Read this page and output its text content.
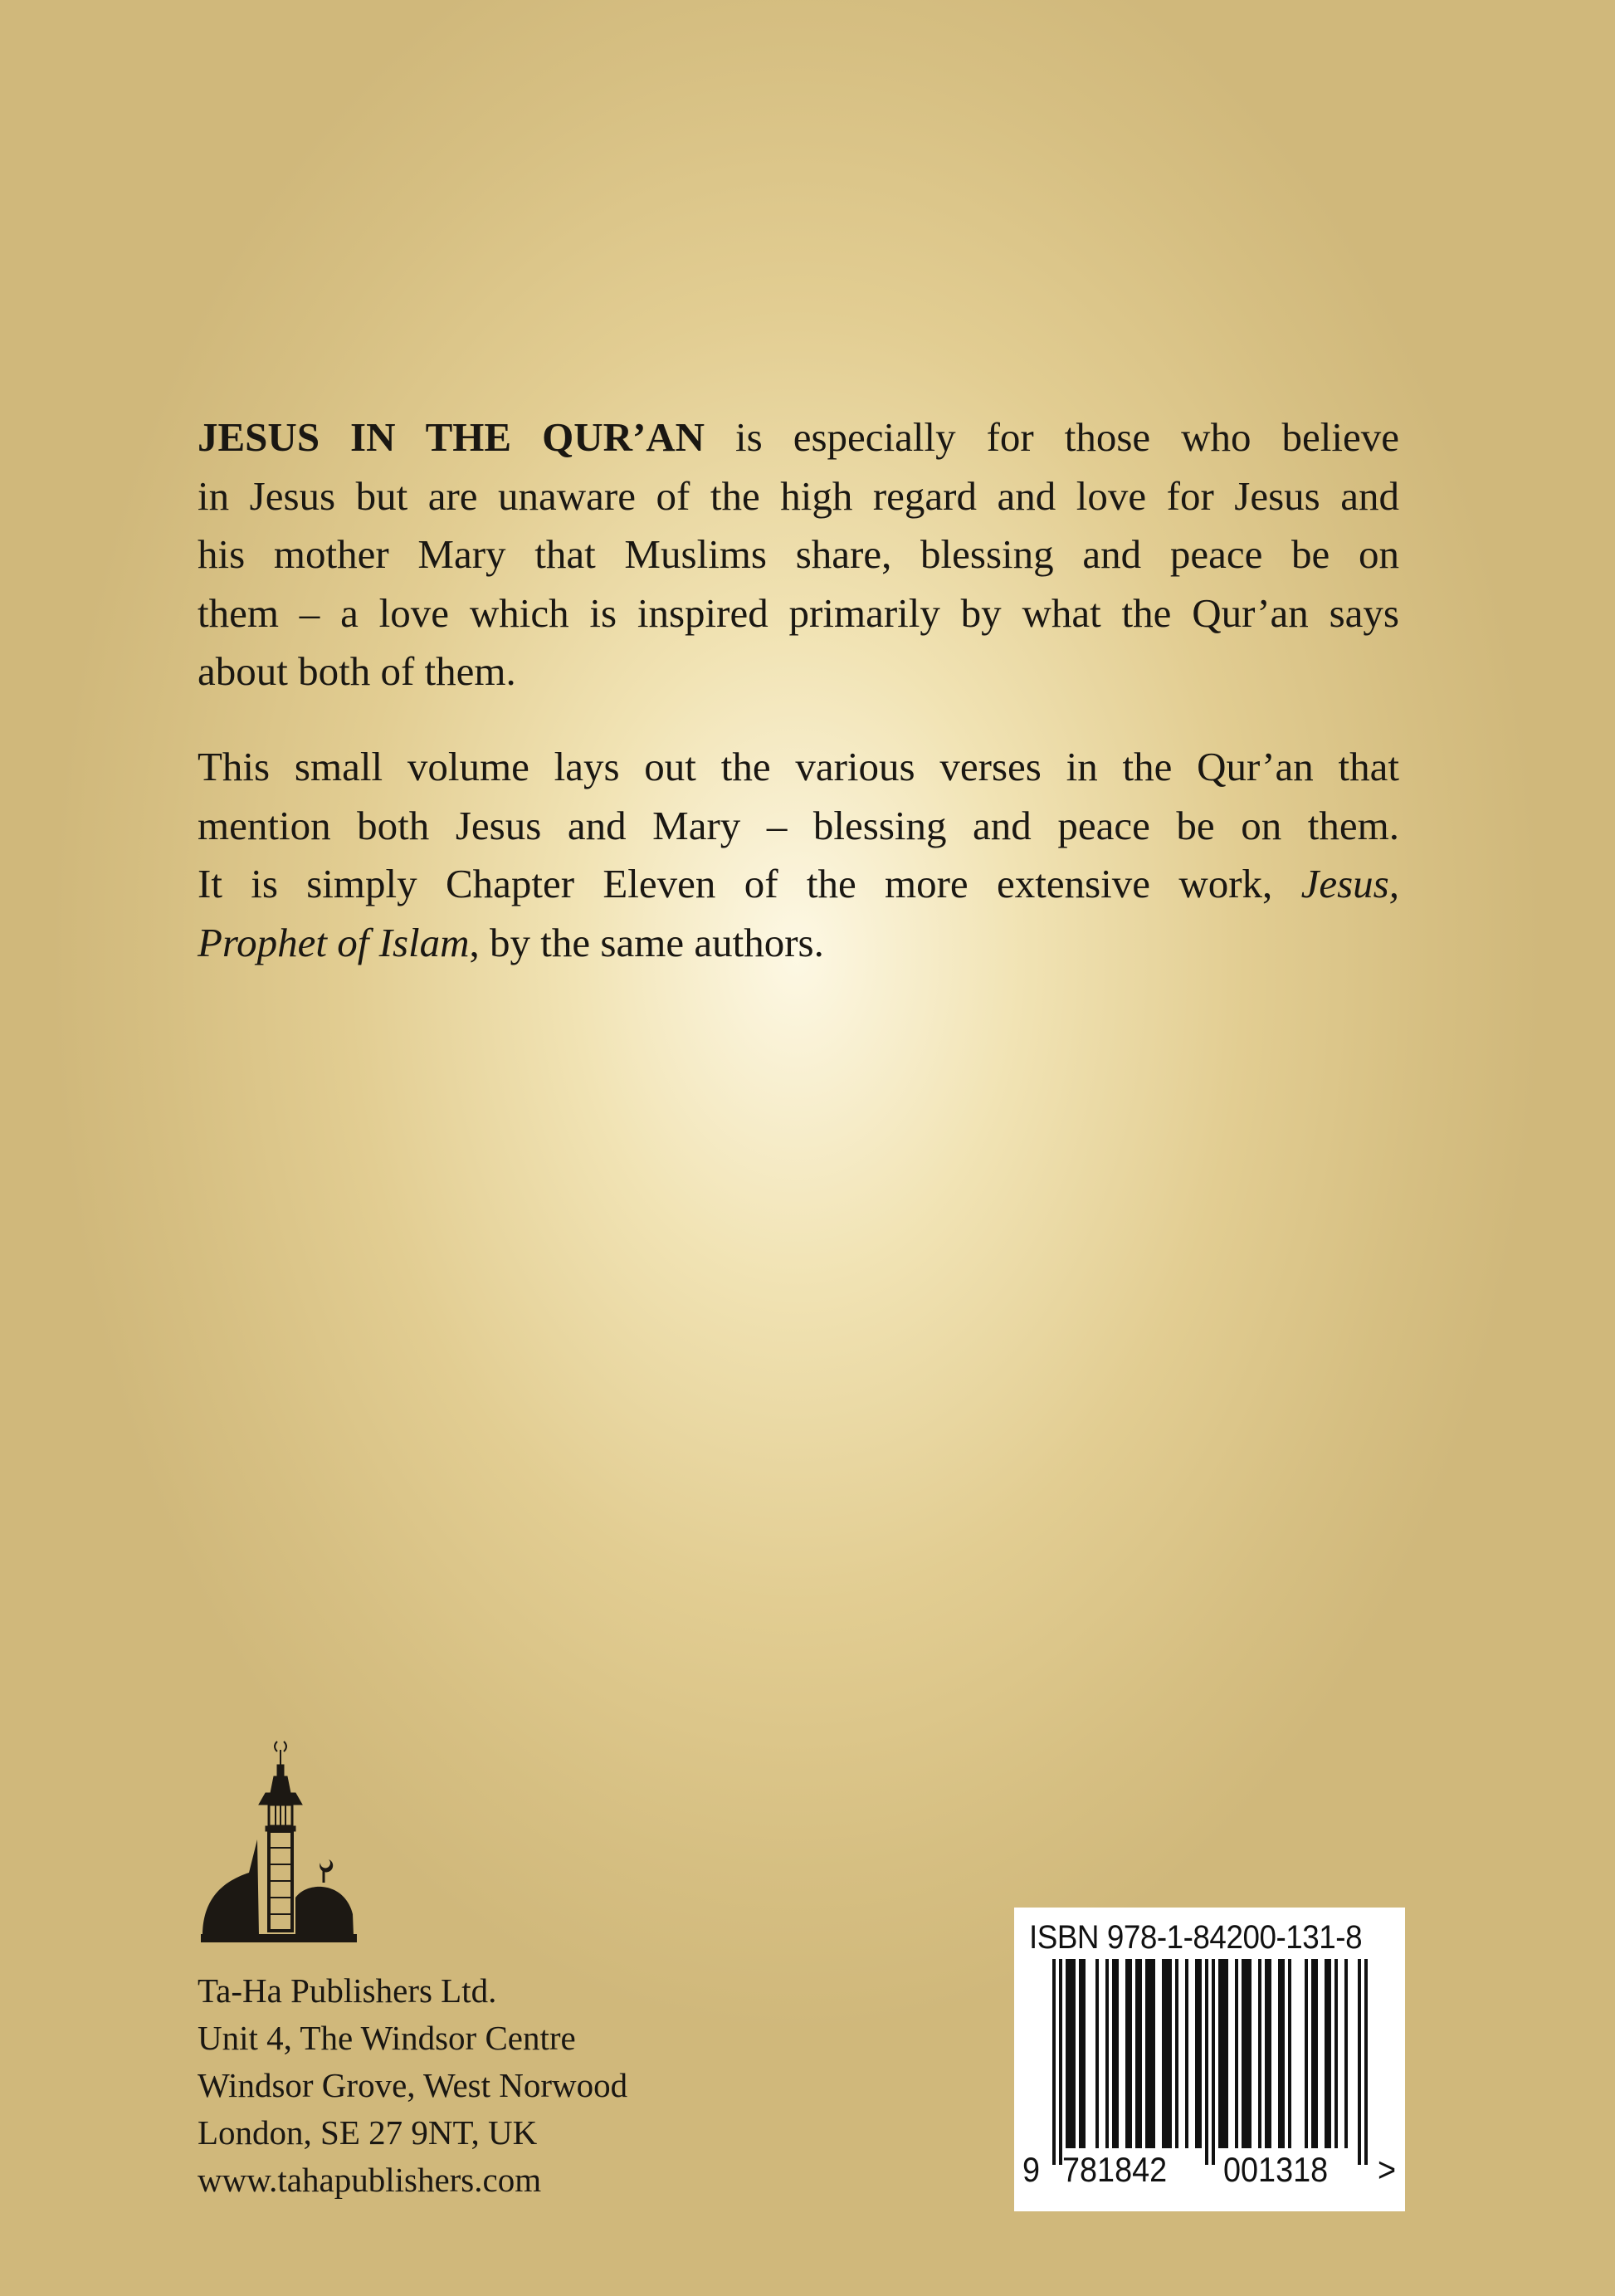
JESUS IN THE QUR’AN is especially for those who believe
in Jesus but are unaware of the high regard and love for Jesus and
his mother Mary that Muslims share, blessing and peace be on
them – a love which is inspired primarily by what the Qur’an says
about both of them.
This small volume lays out the various verses in the Qur’an that
mention both Jesus and Mary – blessing and peace be on them.
It is simply Chapter Eleven of the more extensive work, Jesus,
Prophet of Islam, by the same authors.
Ta-Ha Publishers Ltd.
Unit 4, The Windsor Centre
Windsor Grove, West Norwood
London, SE 27 9NT, UK
www.tahapublishers.com
ISBN 978-1-84200-131-8
9 781842 001318 >
